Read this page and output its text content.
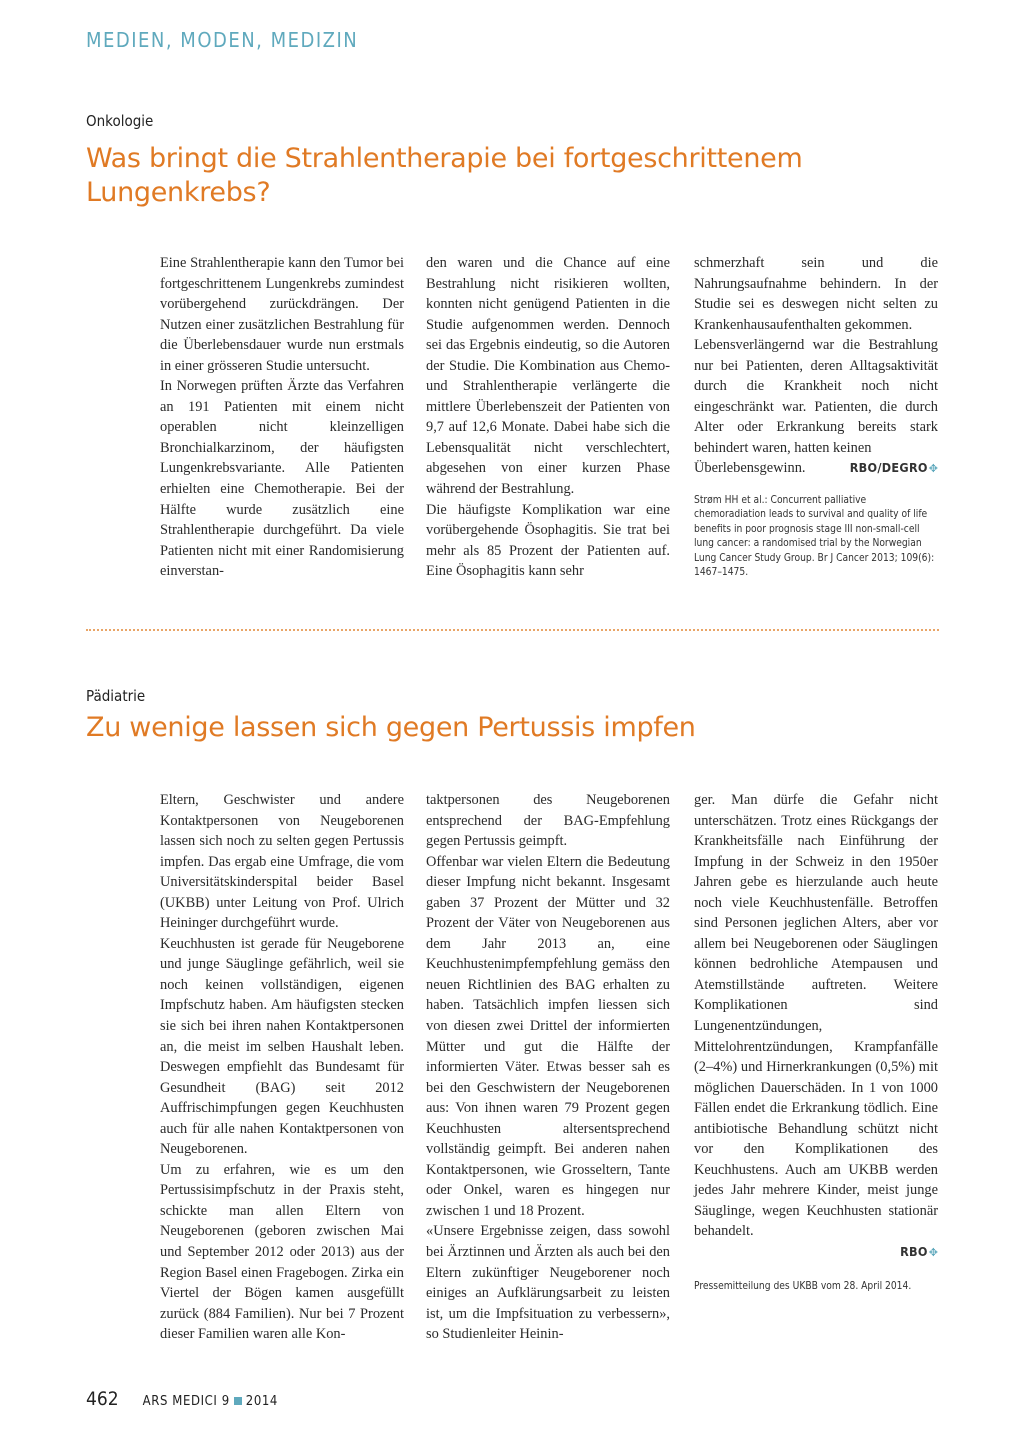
MEDIEN, MODEN, MEDIZIN
Onkologie
Was bringt die Strahlentherapie bei fortgeschrittenem Lungenkrebs?

Eine Strahlentherapie kann den Tumor bei fortgeschrittenem Lungenkrebs zumindest vorübergehend zurückdrängen. Der Nutzen einer zusätzlichen Bestrahlung für die Überlebensdauer wurde nun erstmals in einer grösseren Studie untersucht.

In Norwegen prüften Ärzte das Verfahren an 191 Patienten mit einem nicht operablen nicht kleinzelligen Bronchialkarzinom, der häufigsten Lungenkrebsvariante. Alle Patienten erhielten eine Chemotherapie. Bei der Hälfte wurde zusätzlich eine Strahlentherapie durchgeführt. Da viele Patienten nicht mit einer Randomisierung einverstan-

den waren und die Chance auf eine Bestrahlung nicht risikieren wollten, konnten nicht genügend Patienten in die Studie aufgenommen werden. Dennoch sei das Ergebnis eindeutig, so die Autoren der Studie. Die Kombination aus Chemo- und Strahlentherapie verlängerte die mittlere Überlebenszeit der Patienten von 9,7 auf 12,6 Monate. Dabei habe sich die Lebensqualität nicht verschlechtert, abgesehen von einer kurzen Phase während der Bestrahlung.

Die häufigste Komplikation war eine vorübergehende Ösophagitis. Sie trat bei mehr als 85 Prozent der Patienten auf. Eine Ösophagitis kann sehr

schmerzhaft sein und die Nahrungsaufnahme behindern. In der Studie sei es deswegen nicht selten zu Krankenhausaufenthalten gekommen.

Lebensverlängernd war die Bestrahlung nur bei Patienten, deren Alltagsaktivität durch die Krankheit noch nicht eingeschränkt war. Patienten, die durch Alter oder Erkrankung bereits stark behindert waren, hatten keinen

Überlebensgewinn.	RBO/DEGRO✥
Strøm HH et al.: Concurrent palliative chemoradiation leads to survival and quality of life benefits in poor prognosis stage III non-small-cell lung cancer: a randomised trial by the Norwegian Lung Cancer Study Group. Br J Cancer 2013; 109(6): 1467–1475.
Pädiatrie
Zu wenige lassen sich gegen Pertussis impfen

Eltern, Geschwister und andere Kontaktpersonen von Neugeborenen lassen sich noch zu selten gegen Pertussis impfen. Das ergab eine Umfrage, die vom Universitätskinderspital beider Basel (UKBB) unter Leitung von Prof. Ulrich Heininger durchgeführt wurde.

Keuchhusten ist gerade für Neugeborene und junge Säuglinge gefährlich, weil sie noch keinen vollständigen, eigenen Impfschutz haben. Am häufigsten stecken sie sich bei ihren nahen Kontaktpersonen an, die meist im selben Haushalt leben. Deswegen empfiehlt das Bundesamt für Gesundheit (BAG) seit 2012 Auffrischimpfungen gegen Keuchhusten auch für alle nahen Kontaktpersonen von Neugeborenen.

Um zu erfahren, wie es um den Pertussisimpfschutz in der Praxis steht, schickte man allen Eltern von Neugeborenen (geboren zwischen Mai und September 2012 oder 2013) aus der Region Basel einen Fragebogen. Zirka ein Viertel der Bögen kamen ausgefüllt zurück (884 Familien). Nur bei 7 Prozent dieser Familien waren alle Kon-

taktpersonen des Neugeborenen entsprechend der BAG-Empfehlung gegen Pertussis geimpft.

Offenbar war vielen Eltern die Bedeutung dieser Impfung nicht bekannt. Insgesamt gaben 37 Prozent der Mütter und 32 Prozent der Väter von Neugeborenen aus dem Jahr 2013 an, eine Keuchhustenimpfempfehlung gemäss den neuen Richtlinien des BAG erhalten zu haben. Tatsächlich impfen liessen sich von diesen zwei Drittel der informierten Mütter und gut die Hälfte der informierten Väter. Etwas besser sah es bei den Geschwistern der Neugeborenen aus: Von ihnen waren 79 Prozent gegen Keuchhusten altersentsprechend vollständig geimpft. Bei anderen nahen Kontaktpersonen, wie Grosseltern, Tante oder Onkel, waren es hingegen nur zwischen 1 und 18 Prozent.

«Unsere Ergebnisse zeigen, dass sowohl bei Ärztinnen und Ärzten als auch bei den Eltern zukünftiger Neugeborener noch einiges an Aufklärungsarbeit zu leisten ist, um die Impfsituation zu verbessern», so Studienleiter Heinin-

ger. Man dürfe die Gefahr nicht unterschätzen. Trotz eines Rückgangs der Krankheitsfälle nach Einführung der Impfung in der Schweiz in den 1950er Jahren gebe es hierzulande auch heute noch viele Keuchhustenfälle. Betroffen sind Personen jeglichen Alters, aber vor allem bei Neugeborenen oder Säuglingen können bedrohliche Atempausen und Atemstillstände auftreten. Weitere Komplikationen sind Lungenentzündungen, Mittelohrentzündungen, Krampfanfälle (2–4%) und Hirnerkrankungen (0,5%) mit möglichen Dauerschäden. In 1 von 1000 Fällen endet die Erkrankung tödlich. Eine antibiotische Behandlung schützt nicht vor den Komplikationen des Keuchhustens. Auch am UKBB werden jedes Jahr mehrere Kinder, meist junge Säuglinge, wegen Keuchhusten stationär behandelt.

RBO✥
Pressemitteilung des UKBB vom 28. April 2014.
462 ARS MEDICI 9 2014
